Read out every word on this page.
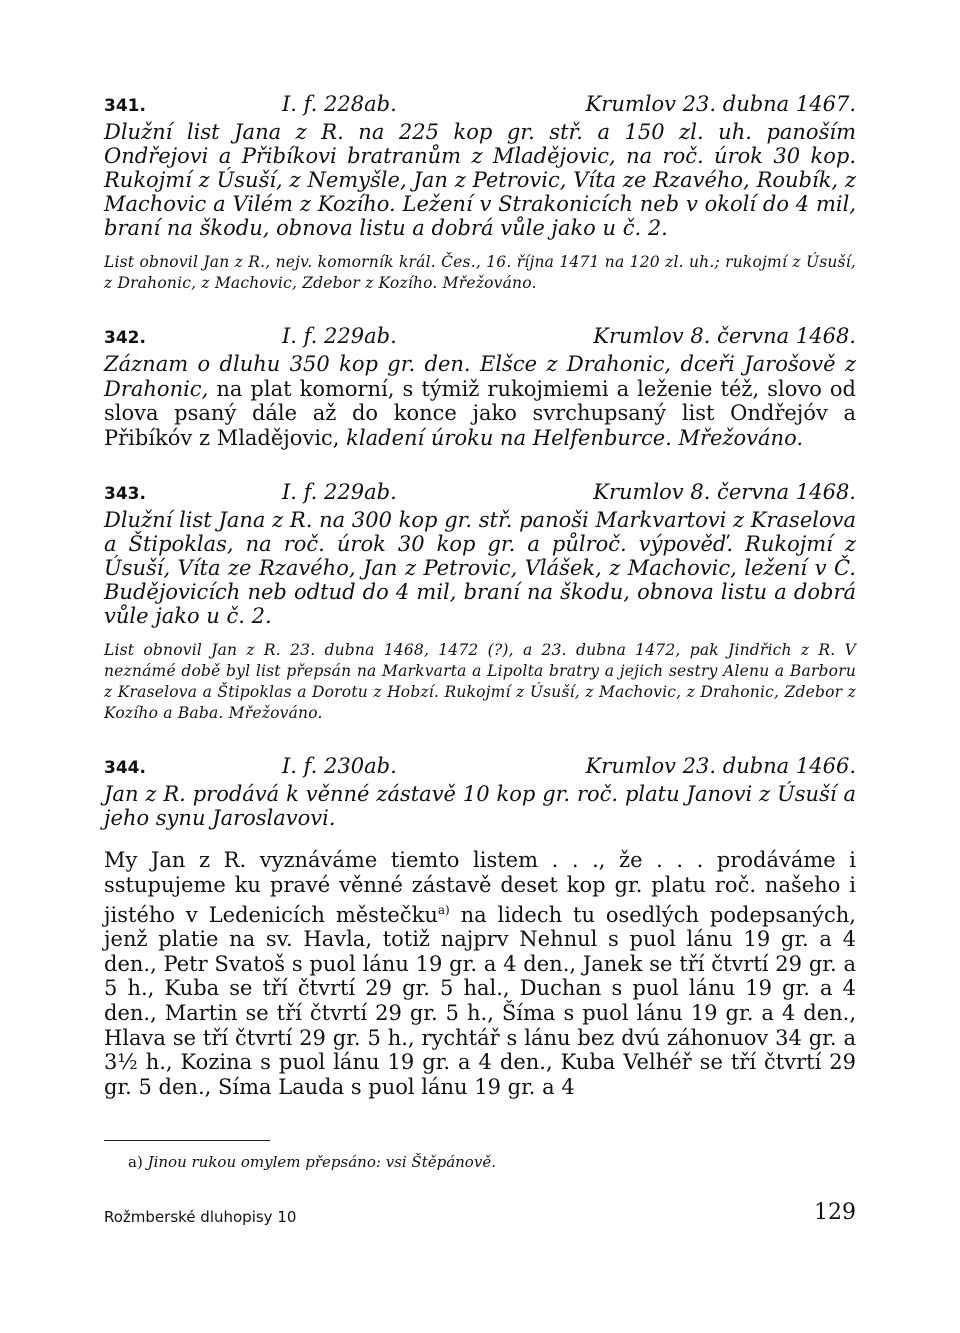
341.	I. f. 228ab.	Krumlov 23. dubna 1467.

Dlužní list Jana z R. na 225 kop gr. stř. a 150 zl. uh. panoším Ondřejovi a Přibíkovi bratranům z Mladějovic, na roč. úrok 30 kop. Rukojmí z Úsuší, z Nemyšle, Jan z Petrovic, Víta ze Rzavého, Roubík, z Machovic a Vilém z Kozího. Ležení v Strakonicích neb v okolí do 4 mil, braní na škodu, obnova listu a dobrá vůle jako u č. 2.

List obnovil Jan z R., nejv. komorník král. Čes., 16. října 1471 na 120 zl. uh.; rukojmí z Úsuší, z Drahonic, z Machovic, Zdebor z Kozího. Mřežováno.

342.	I. f. 229ab.	Krumlov 8. června 1468.

Záznam o dluhu 350 kop gr. den. Elšce z Drahonic, dceři Jarošově z Drahonic, na plat komorní, s týmiž rukojmiemi a leženie též, slovo od slova psaný dále až do konce jako svrchupsaný list Ondřejóv a Přibíkóv z Mladějovic, kladení úroku na Helfenburce. Mřežováno.

343.	I. f. 229ab.	Krumlov 8. června 1468.

Dlužní list Jana z R. na 300 kop gr. stř. panoši Markvartovi z Kraselova a Štipoklas, na roč. úrok 30 kop gr. a půlroč. výpověď. Rukojmí z Úsuší, Víta ze Rzavého, Jan z Petrovic, Vlášek, z Machovic, ležení v Č. Budějovicích neb odtud do 4 mil, braní na škodu, obnova listu a dobrá vůle jako u č. 2.

List obnovil Jan z R. 23. dubna 1468, 1472 (?), a 23. dubna 1472, pak Jindřich z R. V neznámé době byl list přepsán na Markvarta a Lipolta bratry a jejich sestry Alenu a Barboru z Kraselova a Štipoklas a Dorotu z Hobzí. Rukojmí z Úsuší, z Machovic, z Drahonic, Zdebor z Kozího a Baba. Mřežováno.

344.	I. f. 230ab.	Krumlov 23. dubna 1466.

Jan z R. prodává k věnné zástavě 10 kop gr. roč. platu Janovi z Úsuší a jeho synu Jaroslavovi.

My Jan z R. vyznáváme tiemto listem . . ., že . . . prodáváme i sstupujeme ku pravé věnné zástavě deset kop gr. platu roč. našeho i jistého v Ledenicích městečku$^{a)}$ na lidech tu osedlých podepsaných, jenž platie na sv. Havla, totiž najprv Nehnul s puol lánu 19 gr. a 4 den., Petr Svatoš s puol lánu 19 gr. a 4 den., Janek se tří čtvrtí 29 gr. a 5 h., Kuba se tří čtvrtí 29 gr. 5 hal., Duchan s puol lánu 19 gr. a 4 den., Martin se tří čtvrtí 29 gr. 5 h., Šíma s puol lánu 19 gr. a 4 den., Hlava se tří čtvrtí 29 gr. 5 h., rychtář s lánu bez dvú záhonuov 34 gr. a 3½ h., Kozina s puol lánu 19 gr. a 4 den., Kuba Velhéř se tří čtvrtí 29 gr. 5 den., Síma Lauda s puol lánu 19 gr. a 4

a) Jinou rukou omylem přepsáno: vsi Štěpánově.
Rožmberské dluhopisy 10	129
